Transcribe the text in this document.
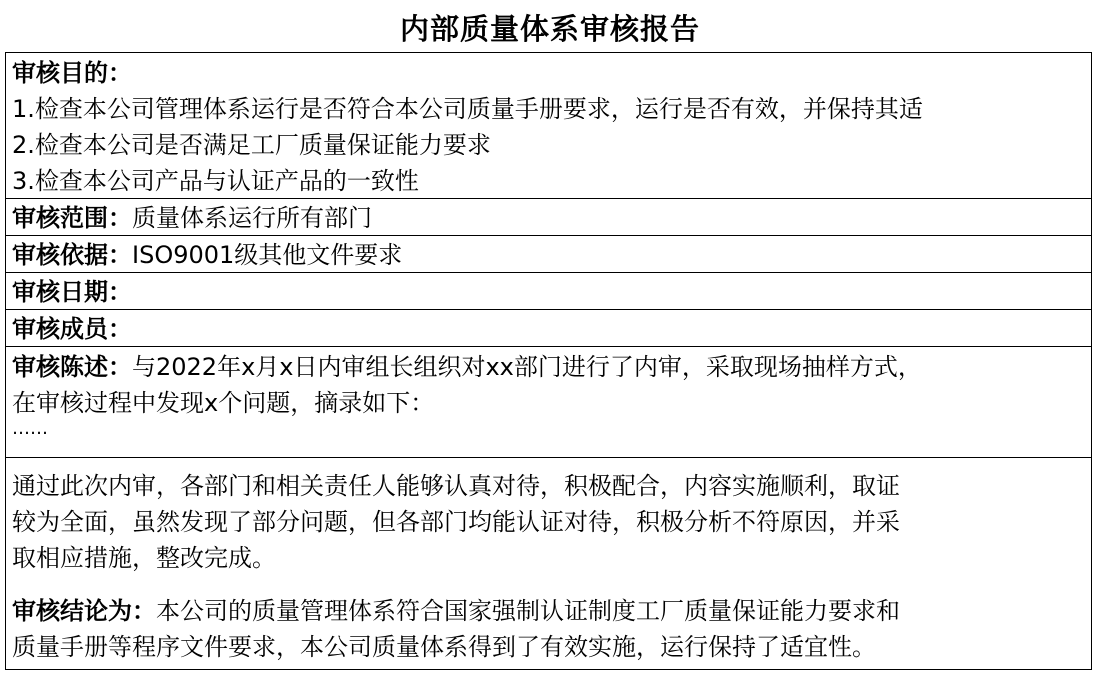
内部质量体系审核报告
审核目的：
1.检查本公司管理体系运行是否符合本公司质量手册要求，运行是否有效，并保持其适
2.检查本公司是否满足工厂质量保证能力要求
3.检查本公司产品与认证产品的一致性
审核范围：质量体系运行所有部门
审核依据：ISO9001级其他文件要求
审核日期：
审核成员：
审核陈述：与2022年x月x日内审组长组织对xx部门进行了内审，采取现场抽样方式，
在审核过程中发现x个问题，摘录如下：
……
通过此次内审，各部门和相关责任人能够认真对待，积极配合，内容实施顺利，取证
较为全面，虽然发现了部分问题，但各部门均能认证对待，积极分析不符原因，并采
取相应措施，整改完成。
审核结论为：本公司的质量管理体系符合国家强制认证制度工厂质量保证能力要求和
质量手册等程序文件要求，本公司质量体系得到了有效实施，运行保持了适宜性。
